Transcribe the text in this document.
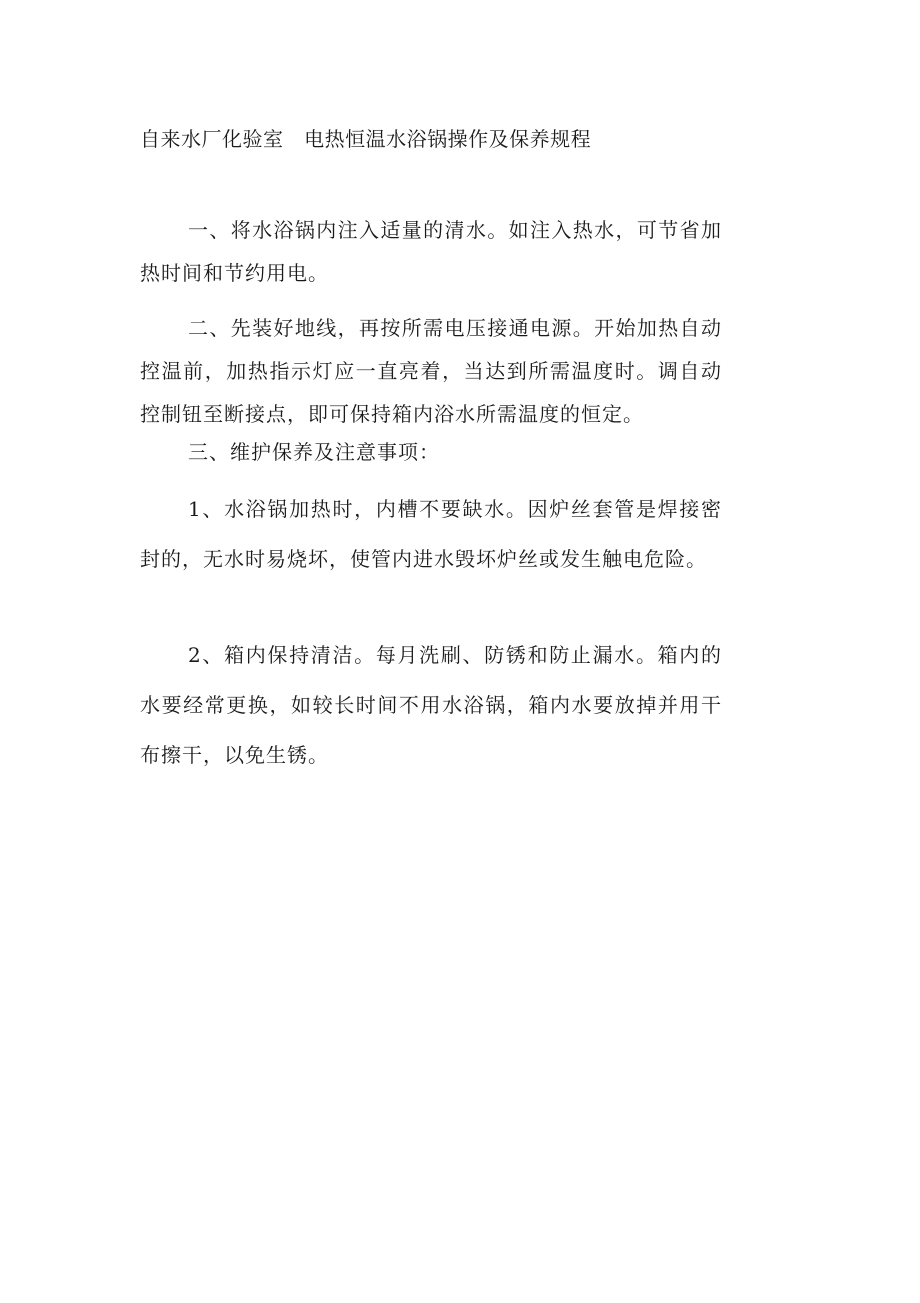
自来水厂化验室   电热恒温水浴锅操作及保养规程

一、将水浴锅内注入适量的清水。如注入热水，可节省加热时间和节约用电。

二、先装好地线，再按所需电压接通电源。开始加热自动控温前，加热指示灯应一直亮着，当达到所需温度时。调自动控制钮至断接点，即可保持箱内浴水所需温度的恒定。

三、维护保养及注意事项：

1、水浴锅加热时，内槽不要缺水。因炉丝套管是焊接密封的，无水时易烧坏，使管内进水毁坏炉丝或发生触电危险。

2、箱内保持清洁。每月洗刷、防锈和防止漏水。箱内的水要经常更换，如较长时间不用水浴锅，箱内水要放掉并用干布擦干，以免生锈。
